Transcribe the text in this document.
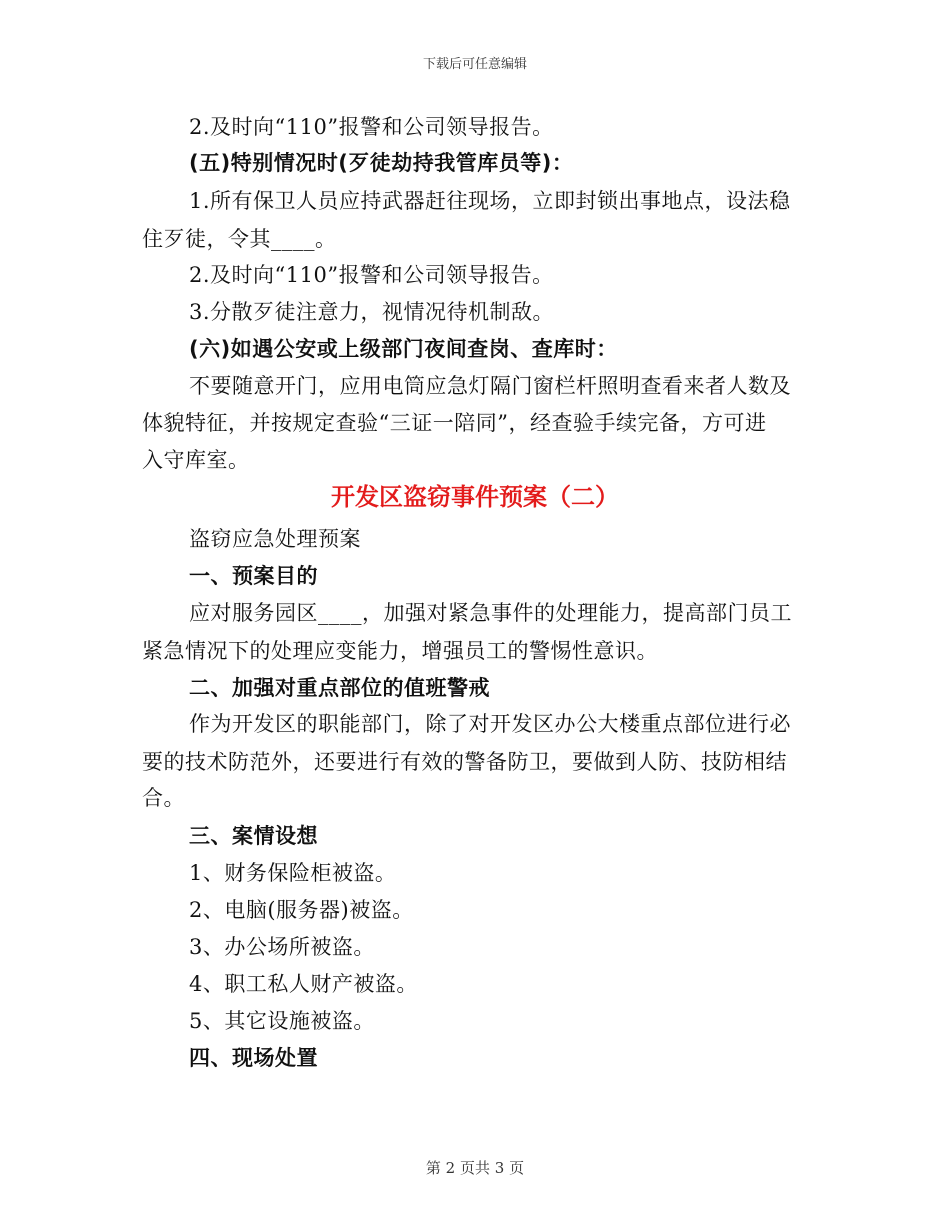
下载后可任意编辑
2.及时向“110”报警和公司领导报告。
(五)特别情况时(歹徒劫持我管库员等)：
1.所有保卫人员应持武器赶往现场，立即封锁出事地点，设法稳
住歹徒，令其____。
2.及时向“110”报警和公司领导报告。
3.分散歹徒注意力，视情况待机制敌。
(六)如遇公安或上级部门夜间查岗、查库时：
不要随意开门，应用电筒应急灯隔门窗栏杆照明查看来者人数及
体貌特征，并按规定查验“三证一陪同”，经查验手续完备，方可进
入守库室。
开发区盗窃事件预案（二）
盗窃应急处理预案
一、预案目的
应对服务园区____，加强对紧急事件的处理能力，提高部门员工
紧急情况下的处理应变能力，增强员工的警惕性意识。
二、加强对重点部位的值班警戒
作为开发区的职能部门，除了对开发区办公大楼重点部位进行必
要的技术防范外，还要进行有效的警备防卫，要做到人防、技防相结
合。
三、案情设想
1、财务保险柜被盗。
2、电脑(服务器)被盗。
3、办公场所被盗。
4、职工私人财产被盗。
5、其它设施被盗。
四、现场处置
第 2 页共 3 页
